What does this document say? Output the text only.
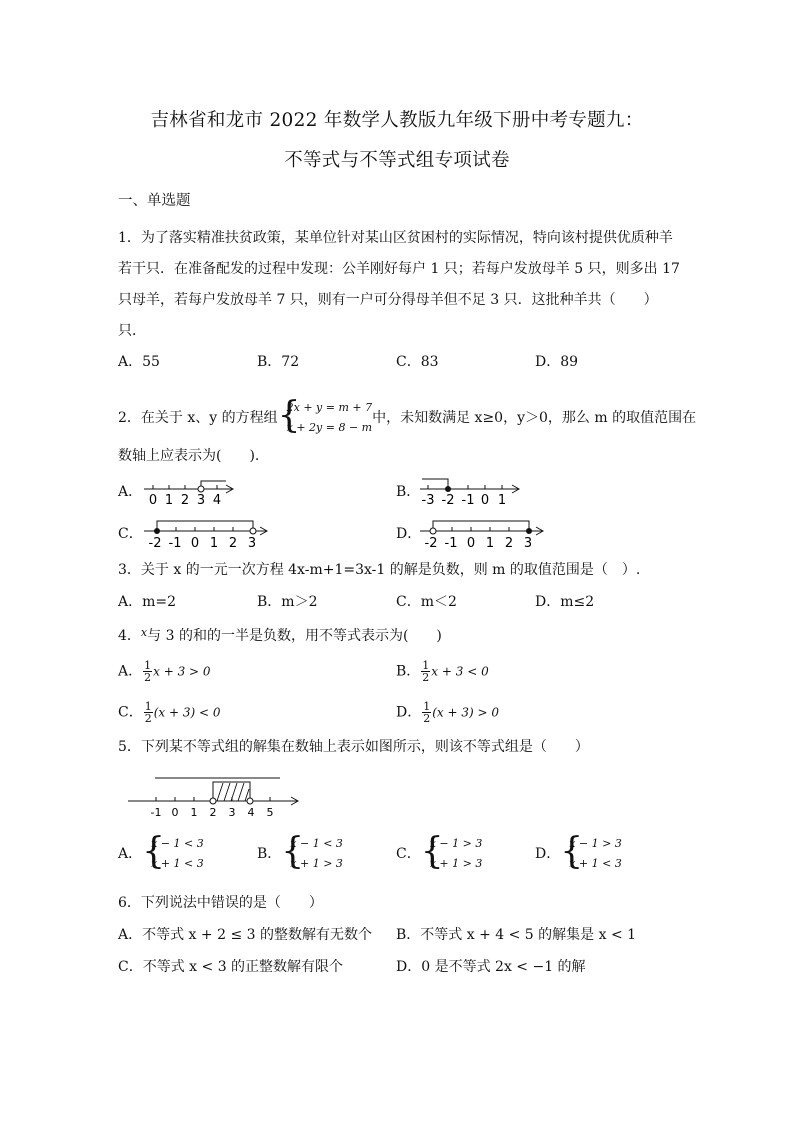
吉林省和龙市 2022 年数学人教版九年级下册中考专题九：
不等式与不等式组专项试卷
一、单选题
1．为了落实精准扶贫政策，某单位针对某山区贫困村的实际情况，特向该村提供优质种羊
若干只．在准备配发的过程中发现：公羊刚好每户 1 只；若每户发放母羊 5 只，则多出 17
只母羊，若每户发放母羊 7 只，则有一户可分得母羊但不足 3 只．这批种羊共（　　）
只．
A．55	B．72	C．83	D．89
2．在关于 x、y 的方程组 {
2x + y = m + 7
x + 2y = 8 − m
中，未知数满足 x≥0，y＞0，那么 m 的取值范围在
数轴上应表示为(　　).
A．
0 1 2 3 4
B．
-3 -2 -1 0 1
C．
-2 -1 0 1 2 3
D．
-2 -1 0 1 2 3
3．关于 x 的一元一次方程 4x-m+1=3x-1 的解是负数，则 m 的取值范围是（　）.
A．m=2	B．m＞2	C．m＜2	D．m≤2
4．$^x$与 3 的和的一半是负数，用不等式表示为(　　)
A． $\frac{1}{2}$ x + 3 > 0	B． $\frac{1}{2}$ x + 3 < 0
C． $\frac{1}{2} (x + 3) < 0$	D． $\frac{1}{2} (x + 3) > 0$
5．下列某不等式组的解集在数轴上表示如图所示，则该不等式组是（　　）
-1 0 1 2 3 4 5
A． {
x − 1 < 3
x + 1 < 3
B． {
x − 1 < 3
x + 1 > 3
C． {
x − 1 > 3
x + 1 > 3
D． {
x − 1 > 3
x + 1 < 3
6．下列说法中错误的是（　　）
A．不等式 x + 2 ≤ 3 的整数解有无数个 B．不等式 x + 4 < 5 的解集是 x < 1
C．不等式 x < 3 的正整数解有限个	D．0 是不等式 2x < −1 的解
